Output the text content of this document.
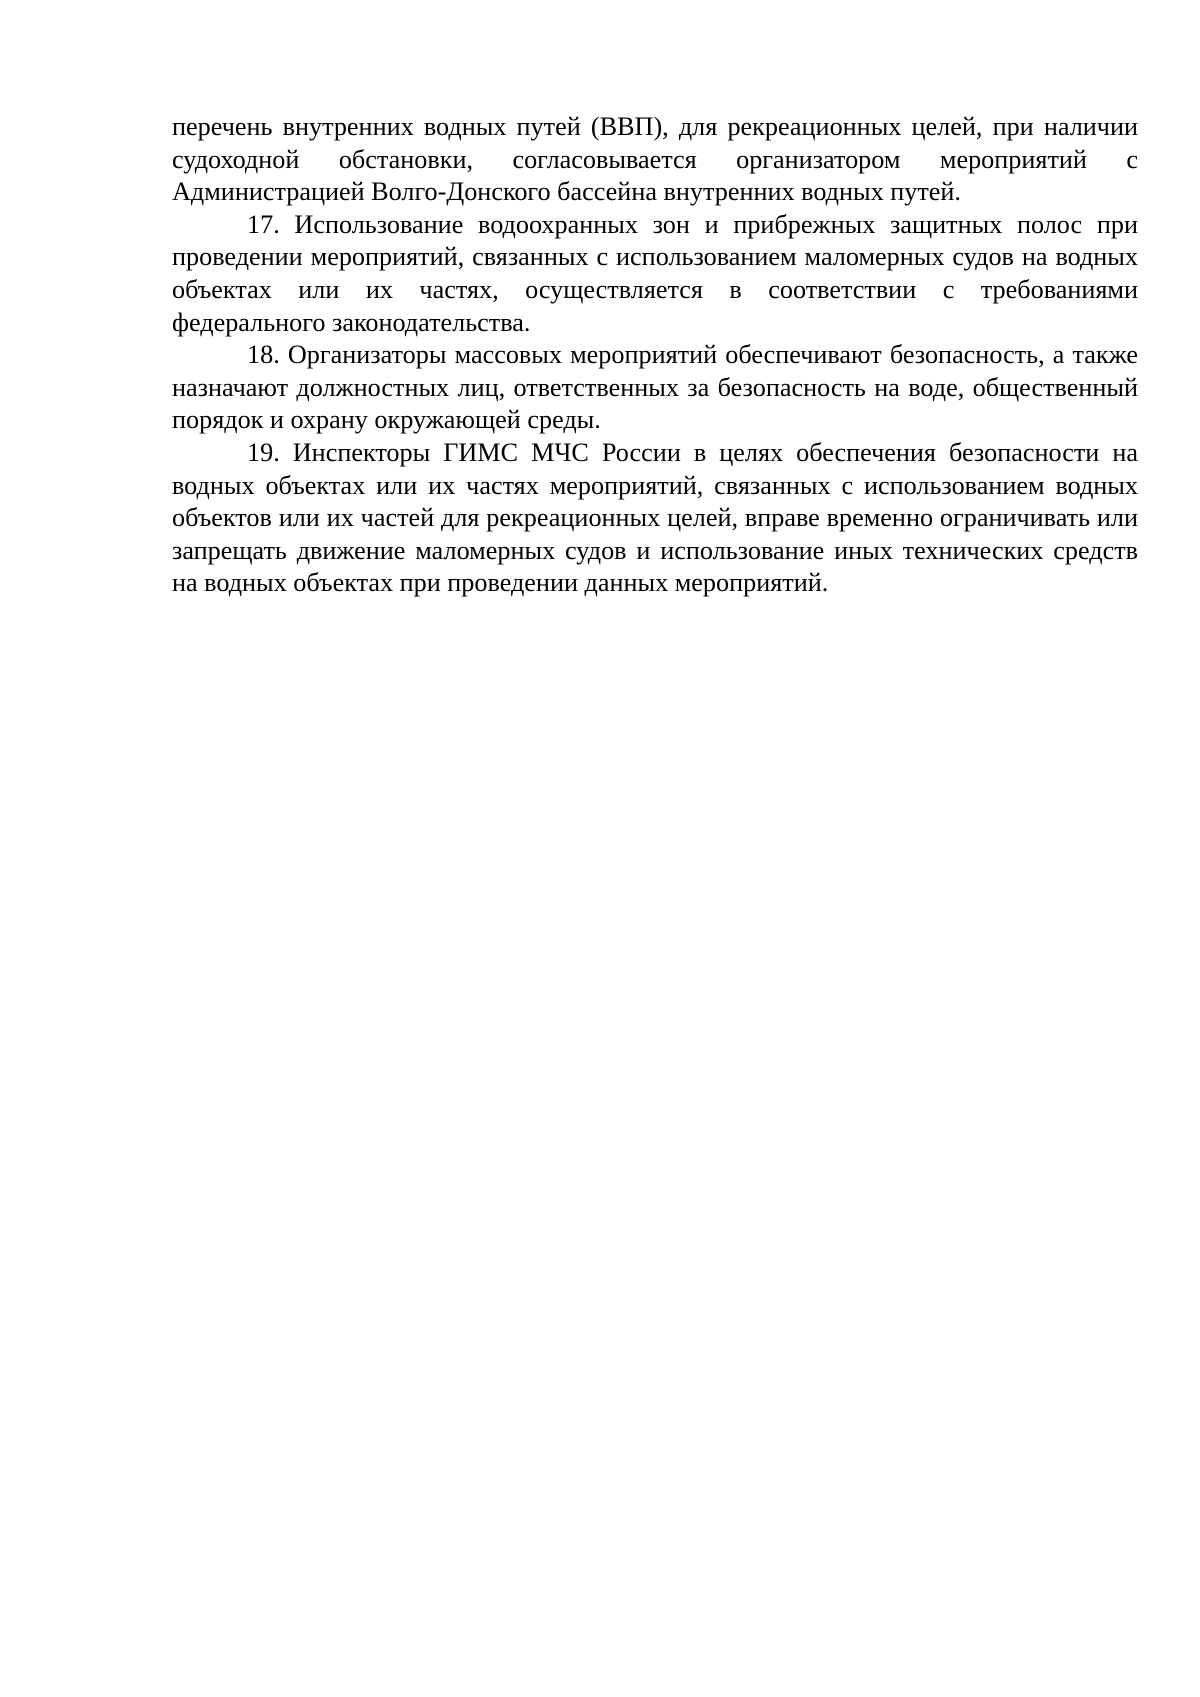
перечень внутренних водных путей (ВВП), для рекреационных целей, при наличии судоходной обстановки, согласовывается организатором мероприятий с Администрацией Волго-Донского бассейна внутренних водных путей.

17. Использование водоохранных зон и прибрежных защитных полос при проведении мероприятий, связанных с использованием маломерных судов на водных объектах или их частях, осуществляется в соответствии с требованиями федерального законодательства.

18. Организаторы массовых мероприятий обеспечивают безопасность, а также назначают должностных лиц, ответственных за безопасность на воде, общественный порядок и охрану окружающей среды.

19. Инспекторы ГИМС МЧС России в целях обеспечения безопасности на водных объектах или их частях мероприятий, связанных с использованием водных объектов или их частей для рекреационных целей, вправе временно ограничивать или запрещать движение маломерных судов и использование иных технических средств на водных объектах при проведении данных мероприятий.
